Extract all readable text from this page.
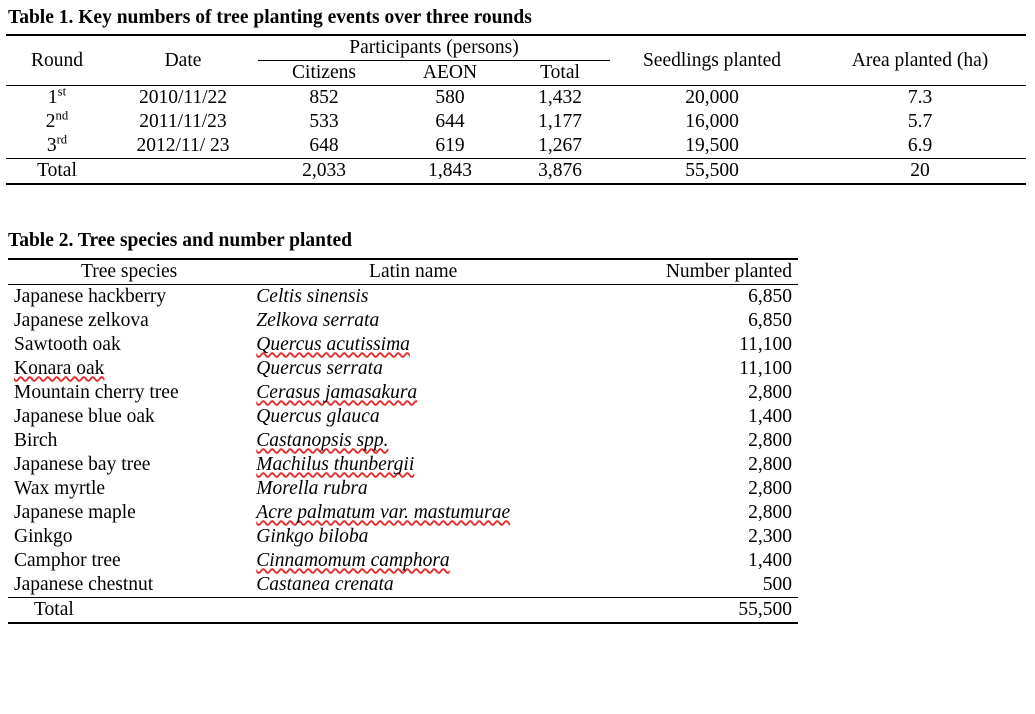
Table 1. Key numbers of tree planting events over three rounds
Round	Date	Participants (persons)			Seedlings planted	Area planted (ha)
		Citizens	AEON	Total		
1st	2010/11/22	852	580	1,432	20,000	7.3
2nd	2011/11/23	533	644	1,177	16,000	5.7
3rd	2012/11/ 23	648	619	1,267	19,500	6.9
Total		2,033	1,843	3,876	55,500	20
Table 2. Tree species and number planted
Tree species	Latin name	Number planted
Japanese hackberry	Celtis sinensis	6,850
Japanese zelkova	Zelkova serrata	6,850
Sawtooth oak	Quercus acutissima	11,100
Konara oak	Quercus serrata	11,100
Mountain cherry tree	Cerasus jamasakura	2,800
Japanese blue oak	Quercus glauca	1,400
Birch	Castanopsis spp.	2,800
Japanese bay tree	Machilus thunbergii	2,800
Wax myrtle	Morella rubra	2,800
Japanese maple	Acre palmatum var. mastumurae	2,800
Ginkgo	Ginkgo biloba	2,300
Camphor tree	Cinnamomum camphora	1,400
Japanese chestnut	Castanea crenata	500
Total		55,500
